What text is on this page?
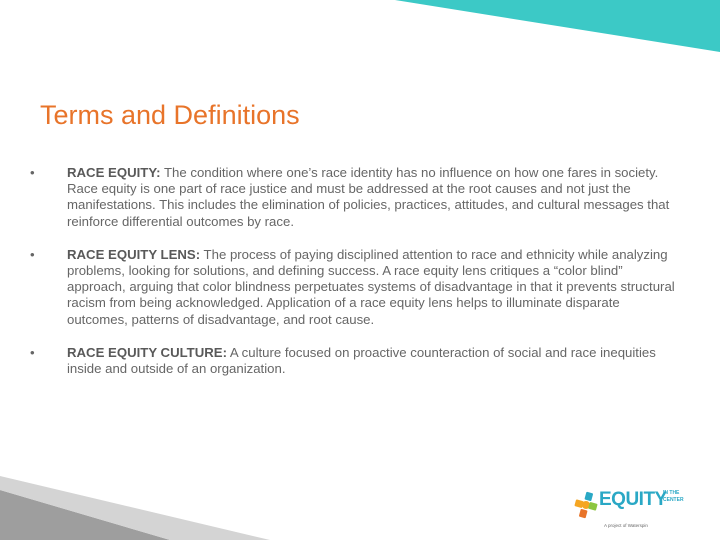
Terms and Definitions
• RACE EQUITY: The condition where one’s race identity has no influence on how one fares in society. Race equity is one part of race justice and must be addressed at the root causes and not just the manifestations. This includes the elimination of policies, practices, attitudes, and cultural messages that reinforce differential outcomes by race.
• RACE EQUITY LENS: The process of paying disciplined attention to race and ethnicity while analyzing problems, looking for solutions, and defining success. A race equity lens critiques a “color blind” approach, arguing that color blindness perpetuates systems of disadvantage in that it prevents structural racism from being acknowledged. Application of a race equity lens helps to illuminate disparate outcomes, patterns of disadvantage, and root cause.
• RACE EQUITY CULTURE: A culture focused on proactive counteraction of social and race inequities inside and outside of an organization.
EQUITY
IN THE
CENTER
A project of Waterspin
